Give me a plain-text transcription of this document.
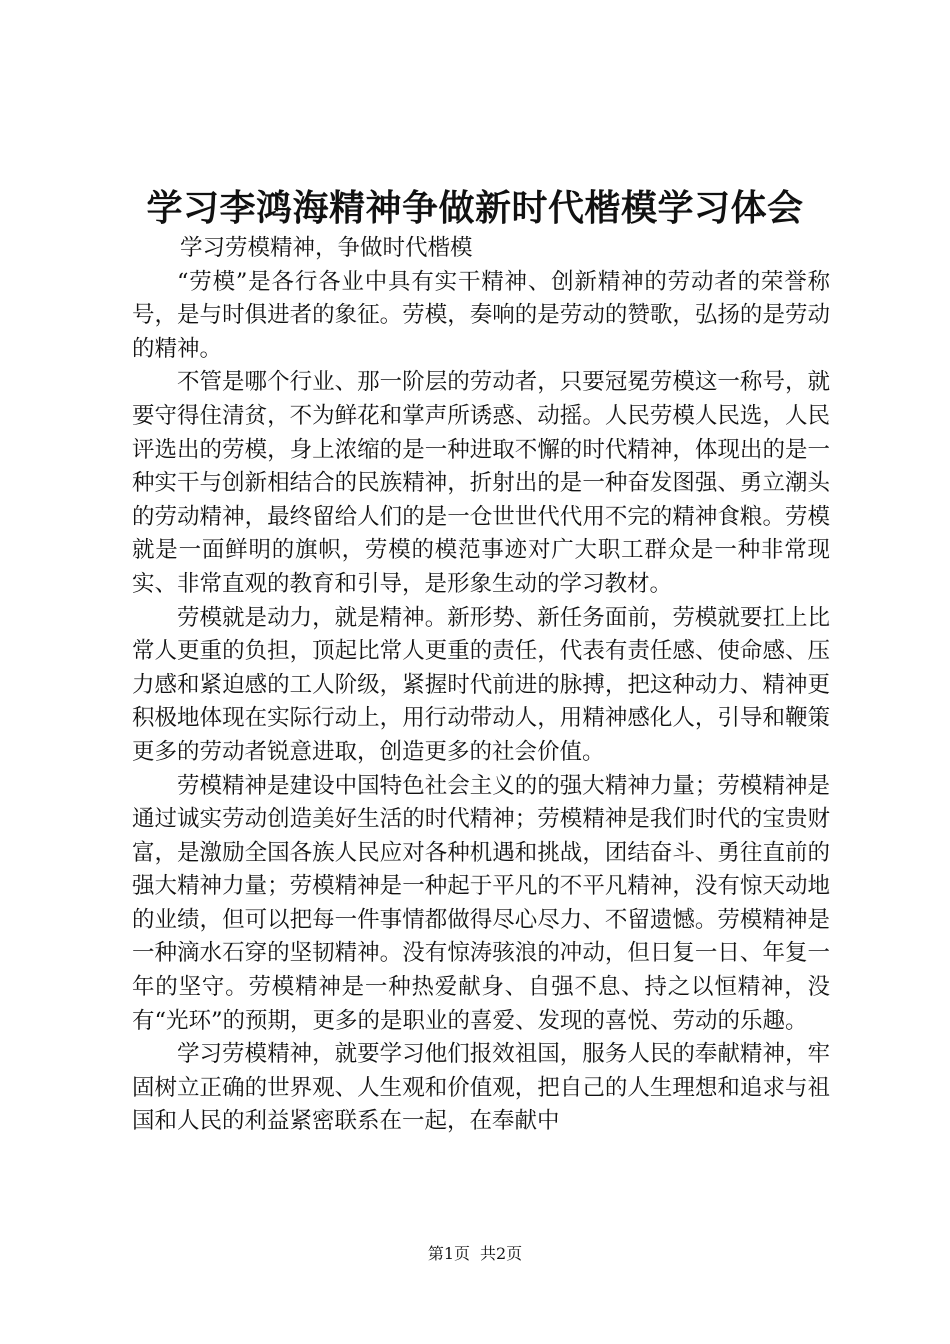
学习李鸿海精神争做新时代楷模学习体会

学习劳模精神，争做时代楷模

“劳模”是各行各业中具有实干精神、创新精神的劳动者的荣誉称号，是与时俱进者的象征。劳模，奏响的是劳动的赞歌，弘扬的是劳动的精神。

不管是哪个行业、那一阶层的劳动者，只要冠冕劳模这一称号，就要守得住清贫，不为鲜花和掌声所诱惑、动摇。人民劳模人民选，人民评选出的劳模，身上浓缩的是一种进取不懈的时代精神，体现出的是一种实干与创新相结合的民族精神，折射出的是一种奋发图强、勇立潮头的劳动精神，最终留给人们的是一仓世世代代用不完的精神食粮。劳模就是一面鲜明的旗帜，劳模的模范事迹对广大职工群众是一种非常现实、非常直观的教育和引导，是形象生动的学习教材。

劳模就是动力，就是精神。新形势、新任务面前，劳模就要扛上比常人更重的负担，顶起比常人更重的责任，代表有责任感、使命感、压力感和紧迫感的工人阶级，紧握时代前进的脉搏，把这种动力、精神更积极地体现在实际行动上，用行动带动人，用精神感化人，引导和鞭策更多的劳动者锐意进取，创造更多的社会价值。

劳模精神是建设中国特色社会主义的的强大精神力量；劳模精神是通过诚实劳动创造美好生活的时代精神；劳模精神是我们时代的宝贵财富，是激励全国各族人民应对各种机遇和挑战，团结奋斗、勇往直前的强大精神力量；劳模精神是一种起于平凡的不平凡精神，没有惊天动地的业绩，但可以把每一件事情都做得尽心尽力、不留遗憾。劳模精神是一种滴水石穿的坚韧精神。没有惊涛骇浪的冲动，但日复一日、年复一年的坚守。劳模精神是一种热爱献身、自强不息、持之以恒精神，没有“光环”的预期，更多的是职业的喜爱、发现的喜悦、劳动的乐趣。

学习劳模精神，就要学习他们报效祖国，服务人民的奉献精神，牢固树立正确的世界观、人生观和价值观，把自己的人生理想和追求与祖国和人民的利益紧密联系在一起，在奉献中

第1页 共2页
